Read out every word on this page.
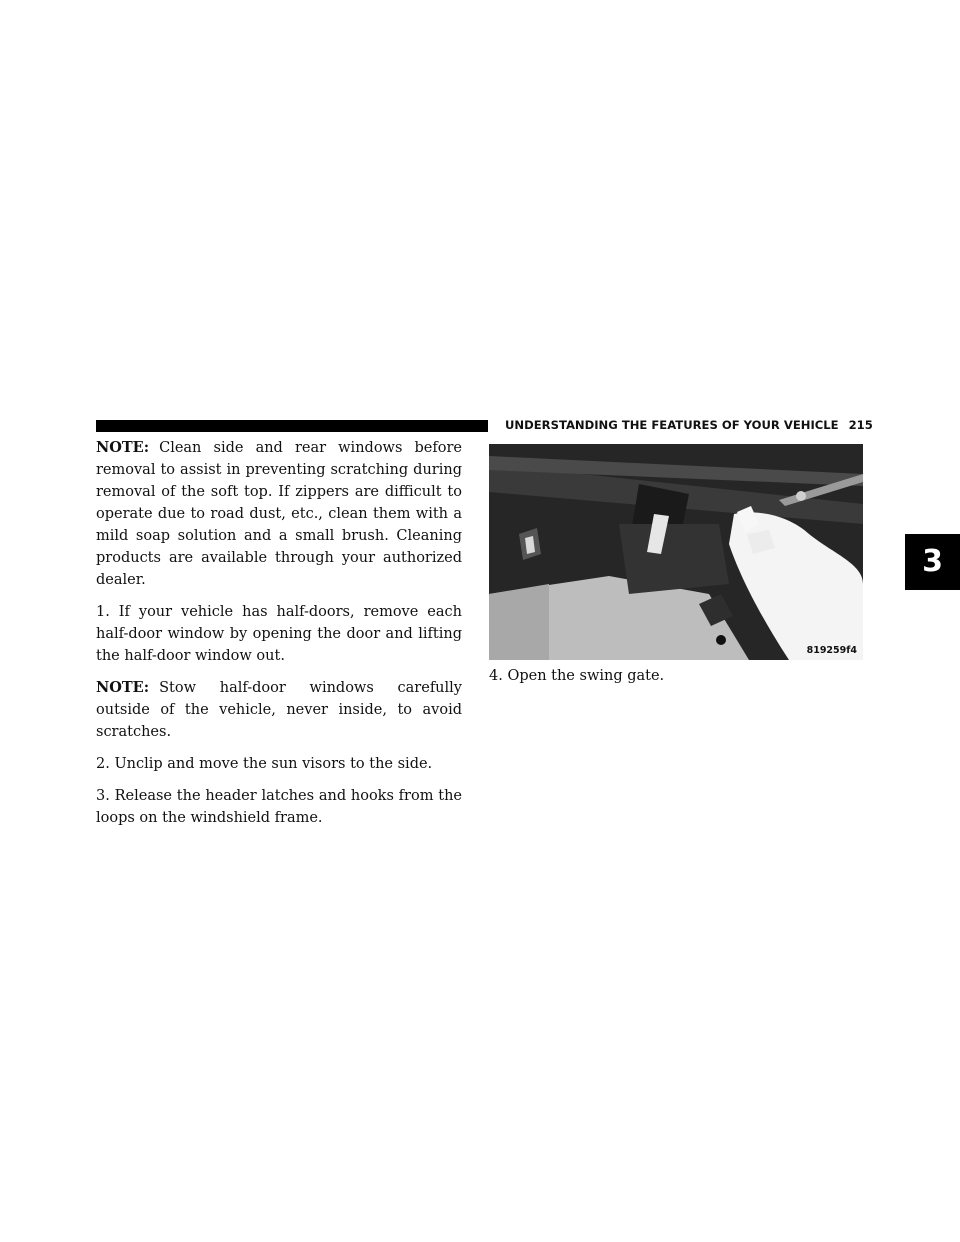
UNDERSTANDING THE FEATURES OF YOUR VEHICLE 215

NOTE: Clean side and rear windows before removal to assist in preventing scratching during removal of the soft top. If zippers are difficult to operate due to road dust, etc., clean them with a mild soap solution and a small brush. Cleaning products are available through your authorized dealer.

1. If your vehicle has half-doors, remove each half-door window by opening the door and lifting the half-door window out.

NOTE: Stow half-door windows carefully outside of the vehicle, never inside, to avoid scratches.

2. Unclip and move the sun visors to the side.

3. Release the header latches and hooks from the loops on the windshield frame.

819259f4
4. Open the swing gate.
3
